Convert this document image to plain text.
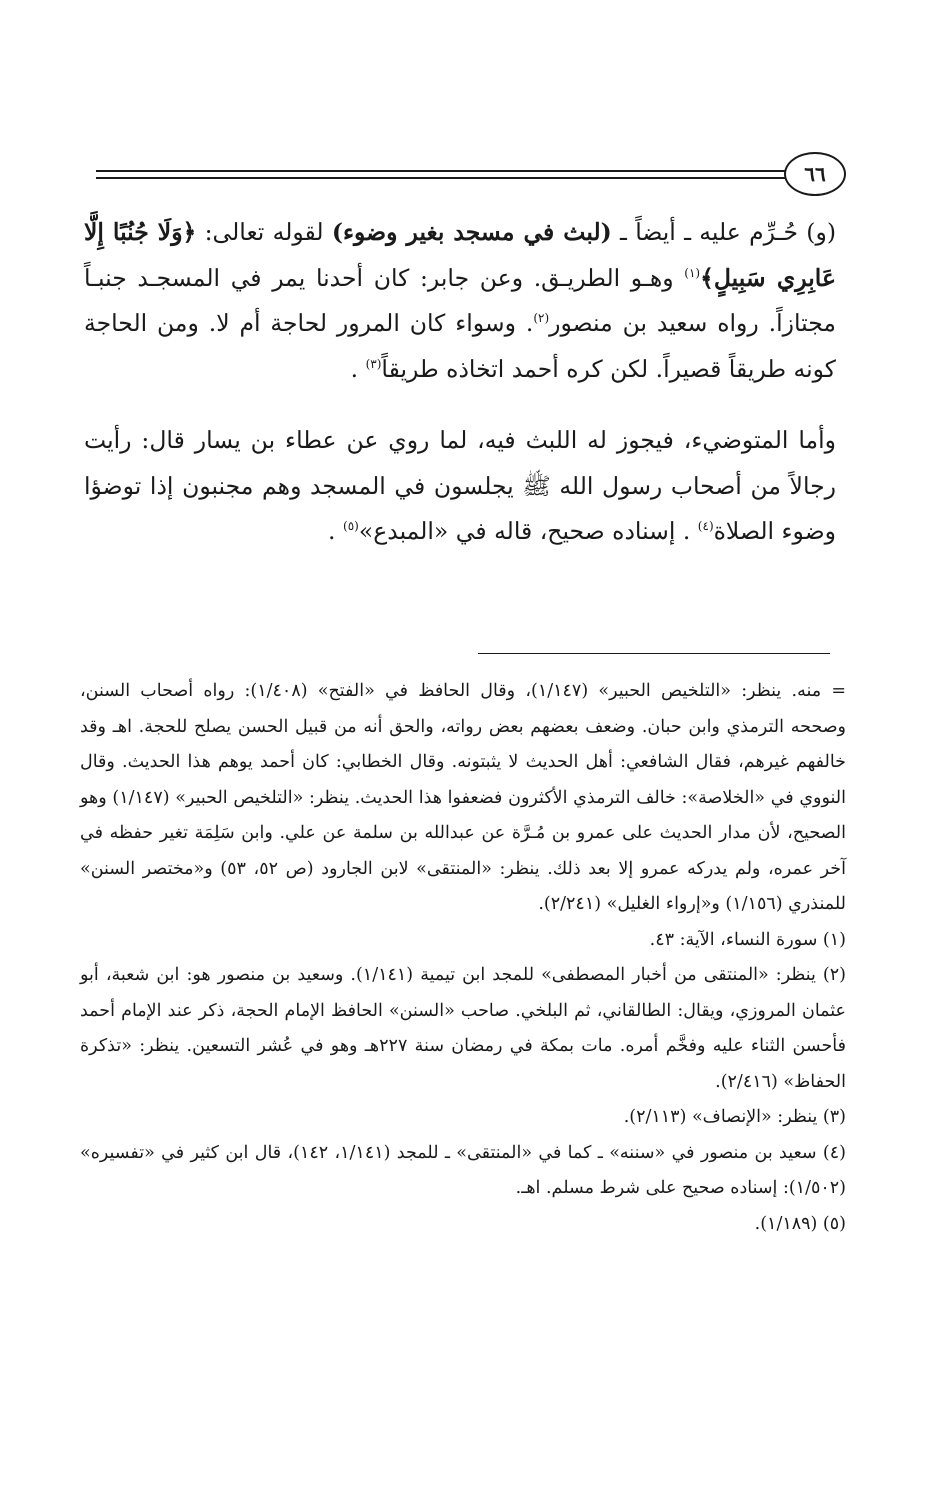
٦٦

(و) حُـرِّم عليه ـ أيضاً ـ (لبث في مسجد بغير وضوء) لقوله تعالى: ﴿وَلَا جُنُبًا إِلَّا عَابِرِي سَبِيلٍ﴾$^{(١)}$ وهـو الطريـق. وعن جابر: كان أحدنا يمر في المسجـد جنبـاً مجتازاً. رواه سعيد بن منصور$^{(٢)}$. وسواء كان المرور لحاجة أم لا. ومن الحاجة كونه طريقاً قصيراً. لكن كره أحمد اتخاذه طريقاً$^{(٣)}$ .

وأما المتوضيء، فيجوز له اللبث فيه، لما روي عن عطاء بن يسار قال: رأيت رجالاً من أصحاب رسول الله ﷺ يجلسون في المسجد وهم مجنبون إذا توضؤا وضوء الصلاة$^{(٤)}$ . إسناده صحيح، قاله في «المبدع»$^{(٥)}$ .

= منه. ينظر: «التلخيص الحبير» (١/١٤٧)، وقال الحافظ في «الفتح» (١/٤٠٨): رواه أصحاب السنن، وصححه الترمذي وابن حبان. وضعف بعضهم بعض رواته، والحق أنه من قبيل الحسن يصلح للحجة. اهـ وقد خالفهم غيرهم، فقال الشافعي: أهل الحديث لا يثبتونه. وقال الخطابي: كان أحمد يوهم هذا الحديث. وقال النووي في «الخلاصة»: خالف الترمذي الأكثرون فضعفوا هذا الحديث. ينظر: «التلخيص الحبير» (١/١٤٧) وهو الصحيح، لأن مدار الحديث على عمرو بن مُـرَّة عن عبدالله بن سلمة عن علي. وابن سَلِمَة تغير حفظه في آخر عمره، ولم يدركه عمرو إلا بعد ذلك. ينظر: «المنتقى» لابن الجارود (ص ٥٢، ٥٣) و«مختصر السنن» للمنذري (١/١٥٦) و«إرواء الغليل» (٢/٢٤١).

(١) سورة النساء، الآية: ٤٣.

(٢) ينظر: «المنتقى من أخبار المصطفى» للمجد ابن تيمية (١/١٤١). وسعيد بن منصور هو: ابن شعبة، أبو عثمان المروزي، ويقال: الطالقاني، ثم البلخي. صاحب «السنن» الحافظ الإمام الحجة، ذكر عند الإمام أحمد فأحسن الثناء عليه وفخَّم أمره. مات بمكة في رمضان سنة ٢٢٧هـ وهو في عُشر التسعين. ينظر: «تذكرة الحفاظ» (٢/٤١٦).

(٣) ينظر: «الإنصاف» (٢/١١٣).

(٤) سعيد بن منصور في «سننه» ـ كما في «المنتقى» ـ للمجد (١/١٤١، ١٤٢)، قال ابن كثير في «تفسيره» (١/٥٠٢): إسناده صحيح على شرط مسلم. اهـ.

(٥) (١/١٨٩).
